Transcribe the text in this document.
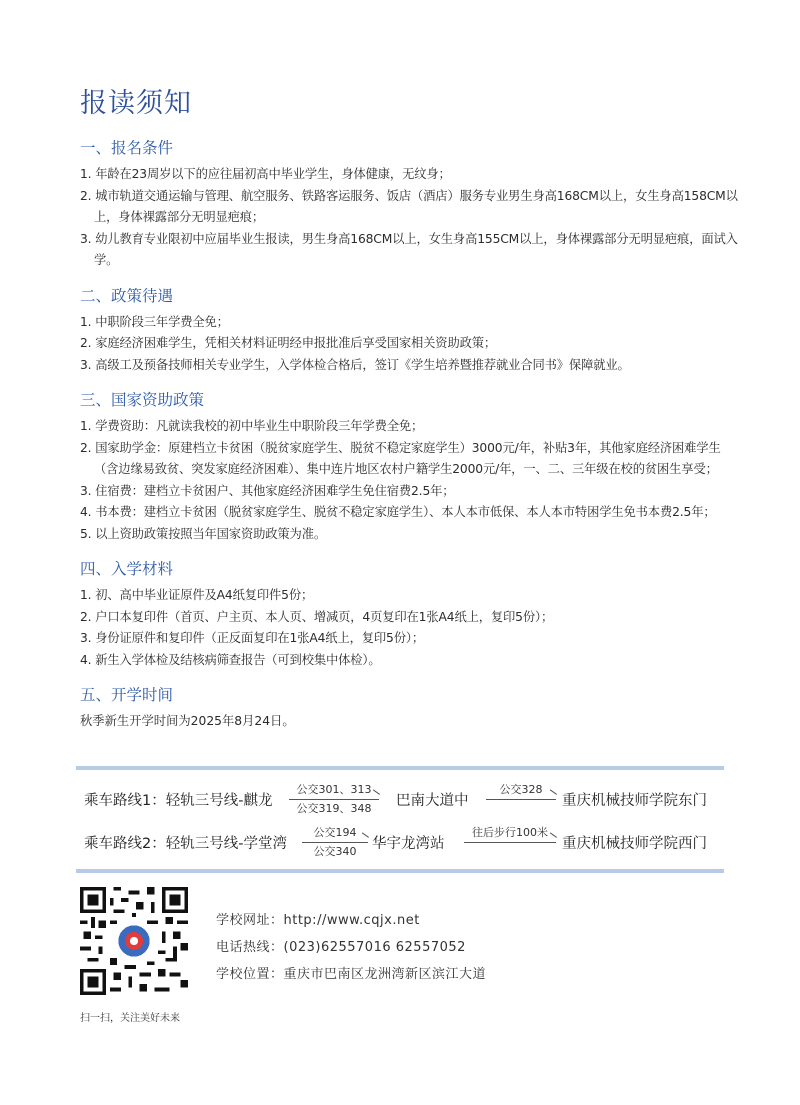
报读须知
一、报名条件
1. 年龄在23周岁以下的应往届初高中毕业学生，身体健康，无纹身；
2. 城市轨道交通运输与管理、航空服务、铁路客运服务、饭店（酒店）服务专业男生身高168CM以上，女生身高158CM以上，身体裸露部分无明显疤痕；
3. 幼儿教育专业限初中应届毕业生报读，男生身高168CM以上，女生身高155CM以上，身体裸露部分无明显疤痕，面试入学。
二、政策待遇
1. 中职阶段三年学费全免；
2. 家庭经济困难学生，凭相关材料证明经申报批准后享受国家相关资助政策；
3. 高级工及预备技师相关专业学生，入学体检合格后，签订《学生培养暨推荐就业合同书》保障就业。
三、国家资助政策
1. 学费资助：凡就读我校的初中毕业生中职阶段三年学费全免；
2. 国家助学金：原建档立卡贫困（脱贫家庭学生、脱贫不稳定家庭学生）3000元/年，补贴3年，其他家庭经济困难学生（含边缘易致贫、突发家庭经济困难）、集中连片地区农村户籍学生2000元/年，一、二、三年级在校的贫困生享受；
3. 住宿费：建档立卡贫困户、其他家庭经济困难学生免住宿费2.5年；
4. 书本费：建档立卡贫困（脱贫家庭学生、脱贫不稳定家庭学生）、本人本市低保、本人本市特困学生免书本费2.5年；
5. 以上资助政策按照当年国家资助政策为准。
四、入学材料
1. 初、高中毕业证原件及A4纸复印件5份；
2. 户口本复印件（首页、户主页、本人页、增减页，4页复印在1张A4纸上，复印5份）；
3. 身份证原件和复印件（正反面复印在1张A4纸上，复印5份）；
4. 新生入学体检及结核病筛查报告（可到校集中体检）。
五、开学时间
秋季新生开学时间为2025年8月24日。
乘车路线1：轻轨三号线-麒龙
公交301、313
公交319、348	巴南大道中
公交328
重庆机械技师学院东门
乘车路线2：轻轨三号线-学堂湾
公交194
公交340	华宇龙湾站
往后步行100米
重庆机械技师学院西门
扫一扫，关注美好未来
学校网址：http://www.cqjx.net
电话热线：(023)62557016 62557052
学校位置：重庆市巴南区龙洲湾新区滨江大道
